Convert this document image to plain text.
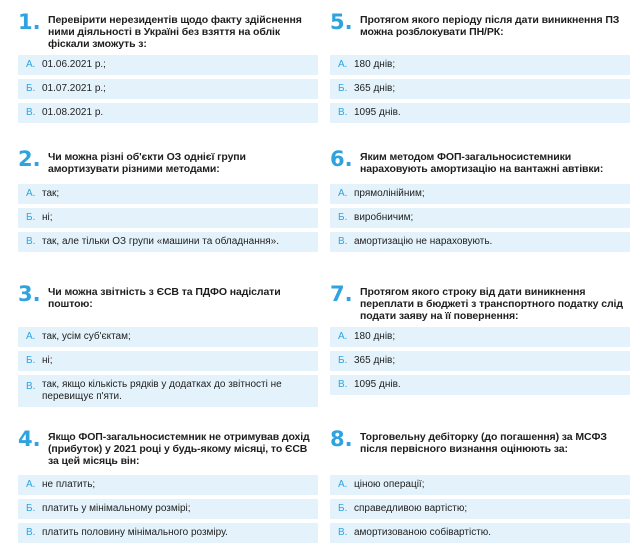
1. Перевірити нерезидентів щодо факту здійснення ними діяльності в Україні без взяття на облік фіскали зможуть з:
А. 01.06.2021 р.;
Б. 01.07.2021 р.;
В. 01.08.2021 р.
2. Чи можна різні об'єкти ОЗ однієї групи амортизувати різними методами:
А. так;
Б. ні;
В. так, але тільки ОЗ групи «машини та обладнання».
3. Чи можна звітність з ЄСВ та ПДФО надіслати поштою:
А. так, усім суб'єктам;
Б. ні;
В. так, якщо кількість рядків у додатках до звітності не перевищує п'яти.
4. Якщо ФОП-загальносистемник не отримував дохід (прибуток) у 2021 році у будь-якому місяці, то ЄСВ за цей місяць він:
А. не платить;
Б. платить у мінімальному розмірі;
В. платить половину мінімального розміру.
5. Протягом якого періоду після дати виникнення ПЗ можна розблокувати ПН/РК:
А. 180 днів;
Б. 365 днів;
В. 1095 днів.
6. Яким методом ФОП-загальносистемники нараховують амортизацію на вантажні автівки:
А. прямолінійним;
Б. виробничим;
В. амортизацію не нараховують.
7. Протягом якого строку від дати виникнення переплати в бюджеті з транспортного податку слід подати заяву на її повернення:
А. 180 днів;
Б. 365 днів;
В. 1095 днів.
8. Торговельну дебіторку (до погашення) за МСФЗ після первісного визнання оцінюють за:
А. ціною операції;
Б. справедливою вартістю;
В. амортизованою собівартістю.
